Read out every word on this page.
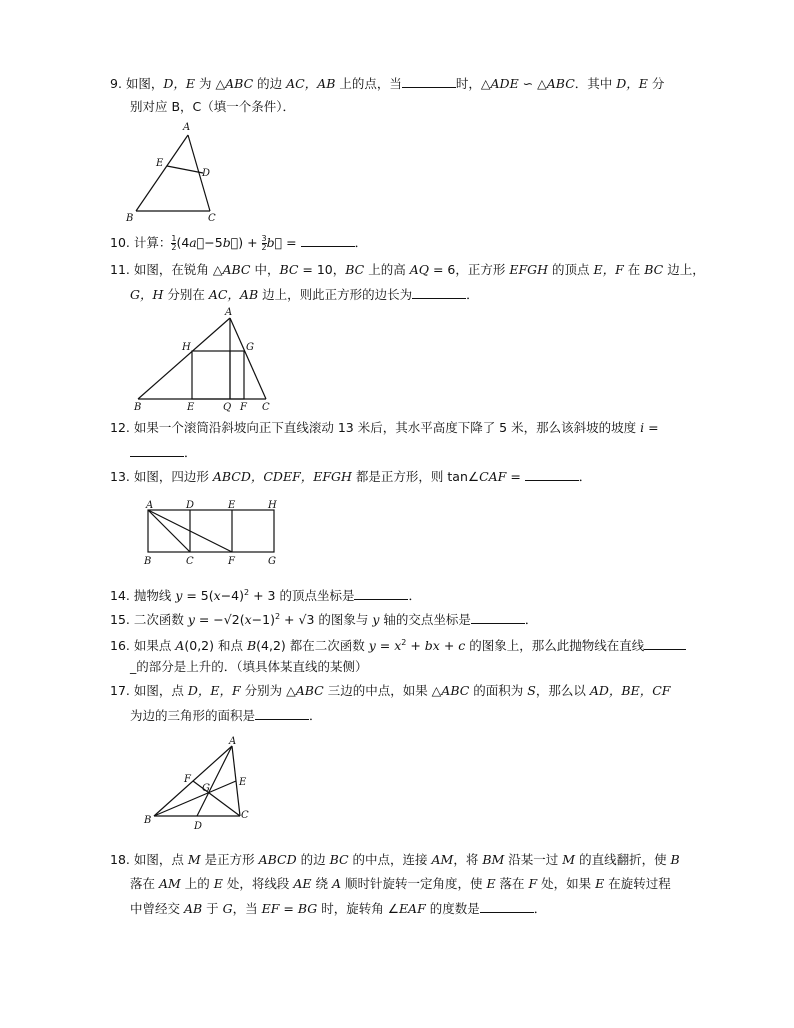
9. 如图，D，E 为 △ABC 的边 AC，AB 上的点，当	时，△ADE ∽ △ABC．其中 D，E 分
别对应 B，C（填一个条件）．
A
E
D
B	C
10. 计算： $\frac{1}{2}$ (4a⃗−5b⃗) + $\frac{3}{2}$ b⃗ =	．
11. 如图，在锐角 △ABC 中，BC = 10，BC 上的高 AQ = 6，正方形 EFGH 的顶点 E，F 在 BC 边上，
G，H 分别在 AC，AB 边上，则此正方形的边长为	．
A
H	G
B	E	Q F C
12. 如果一个滚筒沿斜坡向正下直线滚动 13 米后，其水平高度下降了 5 米，那么该斜坡的坡度 i =
．
13. 如图，四边形 ABCD，CDEF，EFGH 都是正方形，则 tan∠CAF =	．
A	D	E	H
B	C	F	G
14. 抛物线 $y = 5(x-4)^2 + 3$ 的顶点坐标是	．
15. 二次函数 $y = -√2(x-1)^2 + √3$ 的图象与 y 轴的交点坐标是	．
16. 如果点 A(0,2) 和点 B(4,2) 都在二次函数 $y = x^2$ + bx + c 的图象上，那么此抛物线在直线
_的部分是上升的．（填具体某直线的某侧）
17. 如图，点 D，E，F 分别为 △ABC 三边的中点，如果 △ABC 的面积为 S，那么以 AD，BE，CF
为边的三角形的面积是	．
A
F
G
E
B	C
D
18. 如图，点 M 是正方形 ABCD 的边 BC 的中点，连接 AM，将 BM 沿某一过 M 的直线翻折，使 B
落在 AM 上的 E 处，将线段 AE 绕 A 顺时针旋转一定角度，使 E 落在 F 处，如果 E 在旋转过程
中曾经交 AB 于 G，当 EF = BG 时，旋转角 ∠EAF 的度数是	．
